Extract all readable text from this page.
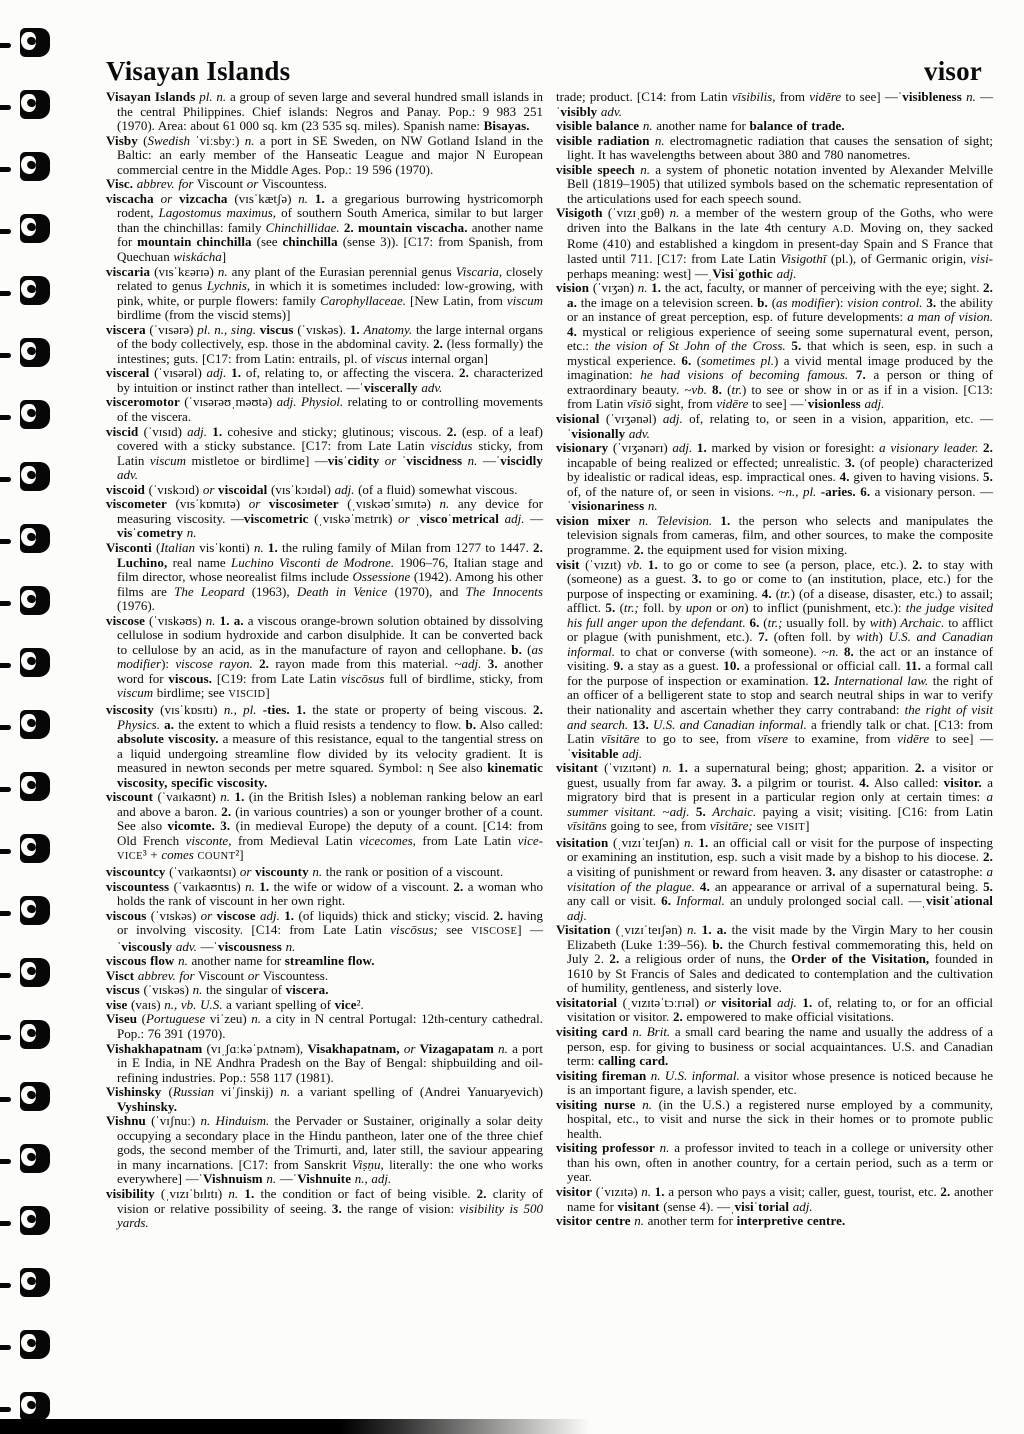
Visayan Islands	visor

Visayan Islands pl. n. a group of seven large and several hundred small islands in the central Philippines. Chief islands: Negros and Panay. Pop.: 9 983 251 (1970). Area: about 61 000 sq. km (23 535 sq. miles). Spanish name: Bisayas.

Visby (Swedish ˈviːsbyː) n. a port in SE Sweden, on NW Gotland Island in the Baltic: an early member of the Hanseatic League and major N European commercial centre in the Middle Ages. Pop.: 19 596 (1970).

Visc. abbrev. for Viscount or Viscountess.

viscacha or vizcacha (vɪsˈkætʃə) n. 1. a gregarious burrowing hystricomorph rodent, Lagostomus maximus, of southern South America, similar to but larger than the chinchillas: family Chinchillidae. 2. mountain viscacha. another name for mountain chinchilla (see chinchilla (sense 3)). [C17: from Spanish, from Quechuan wiskácha]

viscaria (vɪsˈkɛərɪə) n. any plant of the Eurasian perennial genus Viscaria, closely related to genus Lychnis, in which it is sometimes included: low-growing, with pink, white, or purple flowers: family Carophyllaceae. [New Latin, from viscum birdlime (from the viscid stems)]

viscera (ˈvɪsərə) pl. n., sing. viscus (ˈvɪskəs). 1. Anatomy. the large internal organs of the body collectively, esp. those in the abdominal cavity. 2. (less formally) the intestines; guts. [C17: from Latin: entrails, pl. of viscus internal organ]

visceral (ˈvɪsərəl) adj. 1. of, relating to, or affecting the viscera. 2. characterized by intuition or instinct rather than intellect. —ˈviscerally adv.

visceromotor (ˈvɪsərəʊˌməʊtə) adj. Physiol. relating to or controlling movements of the viscera.

viscid (ˈvɪsɪd) adj. 1. cohesive and sticky; glutinous; viscous. 2. (esp. of a leaf) covered with a sticky substance. [C17: from Late Latin viscidus sticky, from Latin viscum mistletoe or birdlime] —visˈcidity or ˈviscidness n. —ˈviscidly adv.

viscoid (ˈvɪskɔɪd) or viscoidal (vɪsˈkɔɪdəl) adj. (of a fluid) somewhat viscous.

viscometer (vɪsˈkɒmɪtə) or viscosimeter (ˌvɪskəʊˈsɪmɪtə) n. any device for measuring viscosity. —viscometric (ˌvɪskəˈmɛtrɪk) or ˌviscoˈmetrical adj. —visˈcometry n.

Visconti (Italian visˈkonti) n. 1. the ruling family of Milan from 1277 to 1447. 2. Luchino, real name Luchino Visconti de Modrone. 1906–76, Italian stage and film director, whose neorealist films include Ossessione (1942). Among his other films are The Leopard (1963), Death in Venice (1970), and The Innocents (1976).

viscose (ˈvɪskəʊs) n. 1. a. a viscous orange-brown solution obtained by dissolving cellulose in sodium hydroxide and carbon disulphide. It can be converted back to cellulose by an acid, as in the manufacture of rayon and cellophane. b. (as modifier): viscose rayon. 2. rayon made from this material. ~adj. 3. another word for viscous. [C19: from Late Latin viscōsus full of birdlime, sticky, from viscum birdlime; see VISCID]

viscosity (vɪsˈkɒsɪtɪ) n., pl. -ties. 1. the state or property of being viscous. 2. Physics. a. the extent to which a fluid resists a tendency to flow. b. Also called: absolute viscosity. a measure of this resistance, equal to the tangential stress on a liquid undergoing streamline flow divided by its velocity gradient. It is measured in newton seconds per metre squared. Symbol: η See also kinematic viscosity, specific viscosity.

viscount (ˈvaɪkaʊnt) n. 1. (in the British Isles) a nobleman ranking below an earl and above a baron. 2. (in various countries) a son or younger brother of a count. See also vicomte. 3. (in medieval Europe) the deputy of a count. [C14: from Old French visconte, from Medieval Latin vicecomes, from Late Latin vice- VICE³ + comes COUNT²]

viscountcy (ˈvaɪkaʊntsɪ) or viscounty n. the rank or position of a viscount.

viscountess (ˈvaɪkaʊntɪs) n. 1. the wife or widow of a viscount. 2. a woman who holds the rank of viscount in her own right.

viscous (ˈvɪskəs) or viscose adj. 1. (of liquids) thick and sticky; viscid. 2. having or involving viscosity. [C14: from Late Latin viscōsus; see VISCOSE] —ˈviscously adv. —ˈviscousness n.

viscous flow n. another name for streamline flow.

Visct abbrev. for Viscount or Viscountess.

viscus (ˈvɪskəs) n. the singular of viscera.

vise (vaɪs) n., vb. U.S. a variant spelling of vice².

Viseu (Portuguese viˈzeu) n. a city in N central Portugal: 12th-century cathedral. Pop.: 76 391 (1970).

Vishakhapatnam (vɪˌʃɑːkəˈpʌtnəm), Visakhapatnam, or Vizagapatam n. a port in E India, in NE Andhra Pradesh on the Bay of Bengal: shipbuilding and oil-refining industries. Pop.: 558 117 (1981).

Vishinsky (Russian viˈʃinskij) n. a variant spelling of (Andrei Yanuaryevich) Vyshinsky.

Vishnu (ˈvɪʃnuː) n. Hinduism. the Pervader or Sustainer, originally a solar deity occupying a secondary place in the Hindu pantheon, later one of the three chief gods, the second member of the Trimurti, and, later still, the saviour appearing in many incarnations. [C17: from Sanskrit Viṣṇu, literally: the one who works everywhere] —ˈVishnuism n. —ˈVishnuite n., adj.

visibility (ˌvɪzɪˈbɪlɪtɪ) n. 1. the condition or fact of being visible. 2. clarity of vision or relative possibility of seeing. 3. the range of vision: visibility is 500 yards.

trade; product. [C14: from Latin vīsibilis, from vidēre to see] —ˈvisibleness n. —ˈvisibly adv.

visible balance n. another name for balance of trade.

visible radiation n. electromagnetic radiation that causes the sensation of sight; light. It has wavelengths between about 380 and 780 nanometres.

visible speech n. a system of phonetic notation invented by Alexander Melville Bell (1819–1905) that utilized symbols based on the schematic representation of the articulations used for each speech sound.

Visigoth (ˈvɪzɪˌgɒθ) n. a member of the western group of the Goths, who were driven into the Balkans in the late 4th century A.D. Moving on, they sacked Rome (410) and established a kingdom in present-day Spain and S France that lasted until 711. [C17: from Late Latin Visigothī (pl.), of Germanic origin, visi- perhaps meaning: west] —ˌVisiˈgothic adj.

vision (ˈvɪʒən) n. 1. the act, faculty, or manner of perceiving with the eye; sight. 2. a. the image on a television screen. b. (as modifier): vision control. 3. the ability or an instance of great perception, esp. of future developments: a man of vision. 4. mystical or religious experience of seeing some supernatural event, person, etc.: the vision of St John of the Cross. 5. that which is seen, esp. in such a mystical experience. 6. (sometimes pl.) a vivid mental image produced by the imagination: he had visions of becoming famous. 7. a person or thing of extraordinary beauty. ~vb. 8. (tr.) to see or show in or as if in a vision. [C13: from Latin vīsiō sight, from vidēre to see] —ˈvisionless adj.

visional (ˈvɪʒənəl) adj. of, relating to, or seen in a vision, apparition, etc. —ˈvisionally adv.

visionary (ˈvɪʒənərɪ) adj. 1. marked by vision or foresight: a visionary leader. 2. incapable of being realized or effected; unrealistic. 3. (of people) characterized by idealistic or radical ideas, esp. impractical ones. 4. given to having visions. 5. of, of the nature of, or seen in visions. ~n., pl. -aries. 6. a visionary person. —ˈvisionariness n.

vision mixer n. Television. 1. the person who selects and manipulates the television signals from cameras, film, and other sources, to make the composite programme. 2. the equipment used for vision mixing.

visit (ˈvɪzɪt) vb. 1. to go or come to see (a person, place, etc.). 2. to stay with (someone) as a guest. 3. to go or come to (an institution, place, etc.) for the purpose of inspecting or examining. 4. (tr.) (of a disease, disaster, etc.) to assail; afflict. 5. (tr.; foll. by upon or on) to inflict (punishment, etc.): the judge visited his full anger upon the defendant. 6. (tr.; usually foll. by with) Archaic. to afflict or plague (with punishment, etc.). 7. (often foll. by with) U.S. and Canadian informal. to chat or converse (with someone). ~n. 8. the act or an instance of visiting. 9. a stay as a guest. 10. a professional or official call. 11. a formal call for the purpose of inspection or examination. 12. International law. the right of an officer of a belligerent state to stop and search neutral ships in war to verify their nationality and ascertain whether they carry contraband: the right of visit and search. 13. U.S. and Canadian informal. a friendly talk or chat. [C13: from Latin vīsitāre to go to see, from vīsere to examine, from vidēre to see] —ˈvisitable adj.

visitant (ˈvɪzɪtənt) n. 1. a supernatural being; ghost; apparition. 2. a visitor or guest, usually from far away. 3. a pilgrim or tourist. 4. Also called: visitor. a migratory bird that is present in a particular region only at certain times: a summer visitant. ~adj. 5. Archaic. paying a visit; visiting. [C16: from Latin vīsitāns going to see, from vīsitāre; see VISIT]

visitation (ˌvɪzɪˈteɪʃən) n. 1. an official call or visit for the purpose of inspecting or examining an institution, esp. such a visit made by a bishop to his diocese. 2. a visiting of punishment or reward from heaven. 3. any disaster or catastrophe: a visitation of the plague. 4. an appearance or arrival of a supernatural being. 5. any call or visit. 6. Informal. an unduly prolonged social call. —ˌvisitˈational adj.

Visitation (ˌvɪzɪˈteɪʃən) n. 1. a. the visit made by the Virgin Mary to her cousin Elizabeth (Luke 1:39–56). b. the Church festival commemorating this, held on July 2. 2. a religious order of nuns, the Order of the Visitation, founded in 1610 by St Francis of Sales and dedicated to contemplation and the cultivation of humility, gentleness, and sisterly love.

visitatorial (ˌvɪzɪtəˈtɔːrɪəl) or visitorial adj. 1. of, relating to, or for an official visitation or visitor. 2. empowered to make official visitations.

visiting card n. Brit. a small card bearing the name and usually the address of a person, esp. for giving to business or social acquaintances. U.S. and Canadian term: calling card.

visiting fireman n. U.S. informal. a visitor whose presence is noticed because he is an important figure, a lavish spender, etc.

visiting nurse n. (in the U.S.) a registered nurse employed by a community, hospital, etc., to visit and nurse the sick in their homes or to promote public health.

visiting professor n. a professor invited to teach in a college or university other than his own, often in another country, for a certain period, such as a term or year.

visitor (ˈvɪzɪtə) n. 1. a person who pays a visit; caller, guest, tourist, etc. 2. another name for visitant (sense 4). —ˌvisiˈtorial adj.

visitor centre n. another term for interpretive centre.
